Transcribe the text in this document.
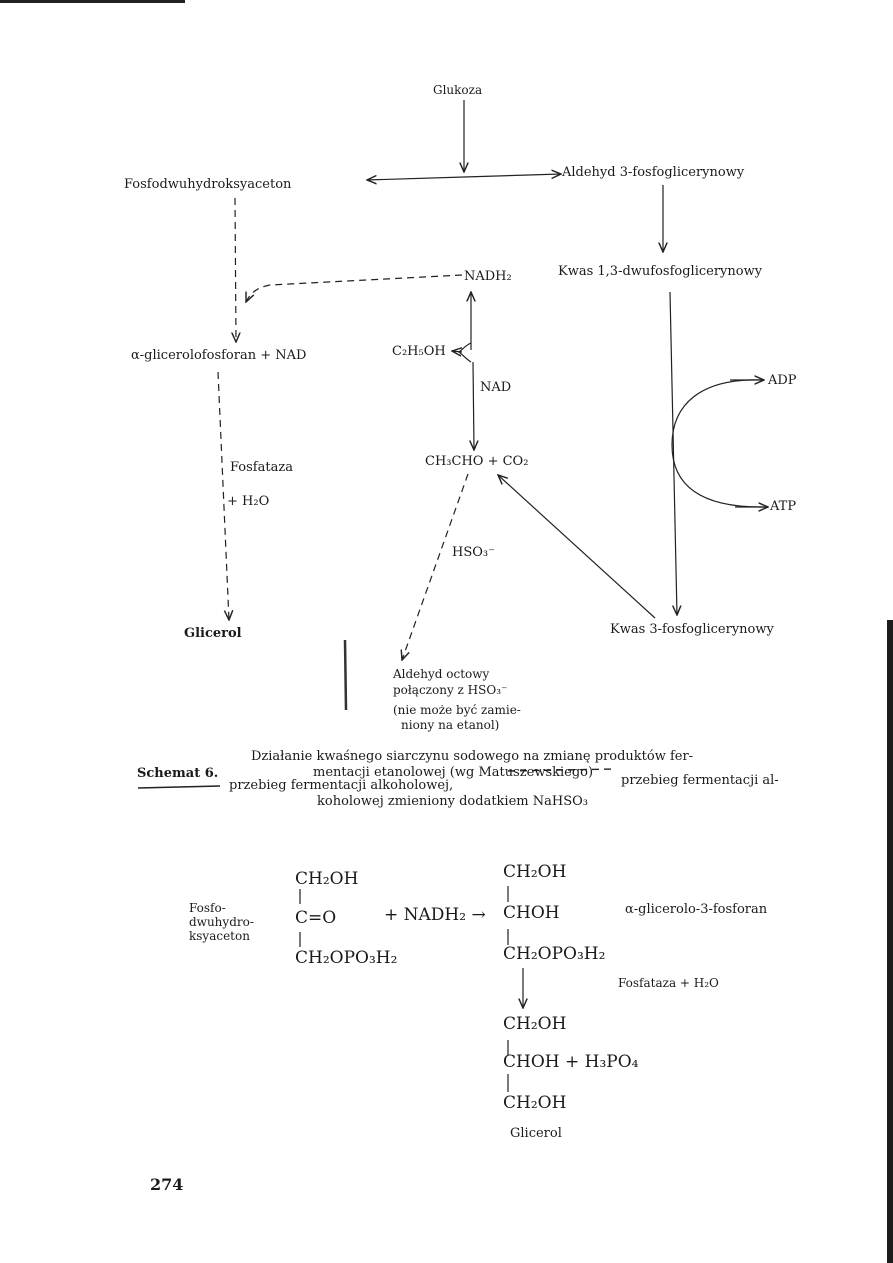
Glukoza
Fosfodwuhydroksyaceton
Aldehyd 3-fosfoglicerynowy
NADH₂	Kwas 1,3-dwufosfoglicerynowy
α-glicerolofosforan + NAD	C₂H₅OH
NAD	ADP
Fosfataza
+ H₂O
CH₃CHO + CO₂
ATP
HSO₃⁻
Glicerol	Kwas 3-fosfoglicerynowy
Aldehyd octowy
połączony z HSO₃⁻
(nie może być zamie-
niony na etanol)
Schemat 6.
Działanie kwaśnego siarczynu sodowego na zmianę produktów fer-
mentacji etanolowej (wg Matuszewskiego)
przebieg fermentacji alkoholowej,	przebieg fermentacji al-
koholowej zmieniony dodatkiem NaHSO₃
Fosfo-
dwuhydro-
ksyaceton
CH₂OH
C=O
CH₂OPO₃H₂
+ NADH₂ →
CH₂OH
CHOH
CH₂OPO₃H₂
α-glicerolo-3-fosforan
Fosfataza + H₂O
CH₂OH
CHOH + H₃PO₄
CH₂OH
Glicerol
274
